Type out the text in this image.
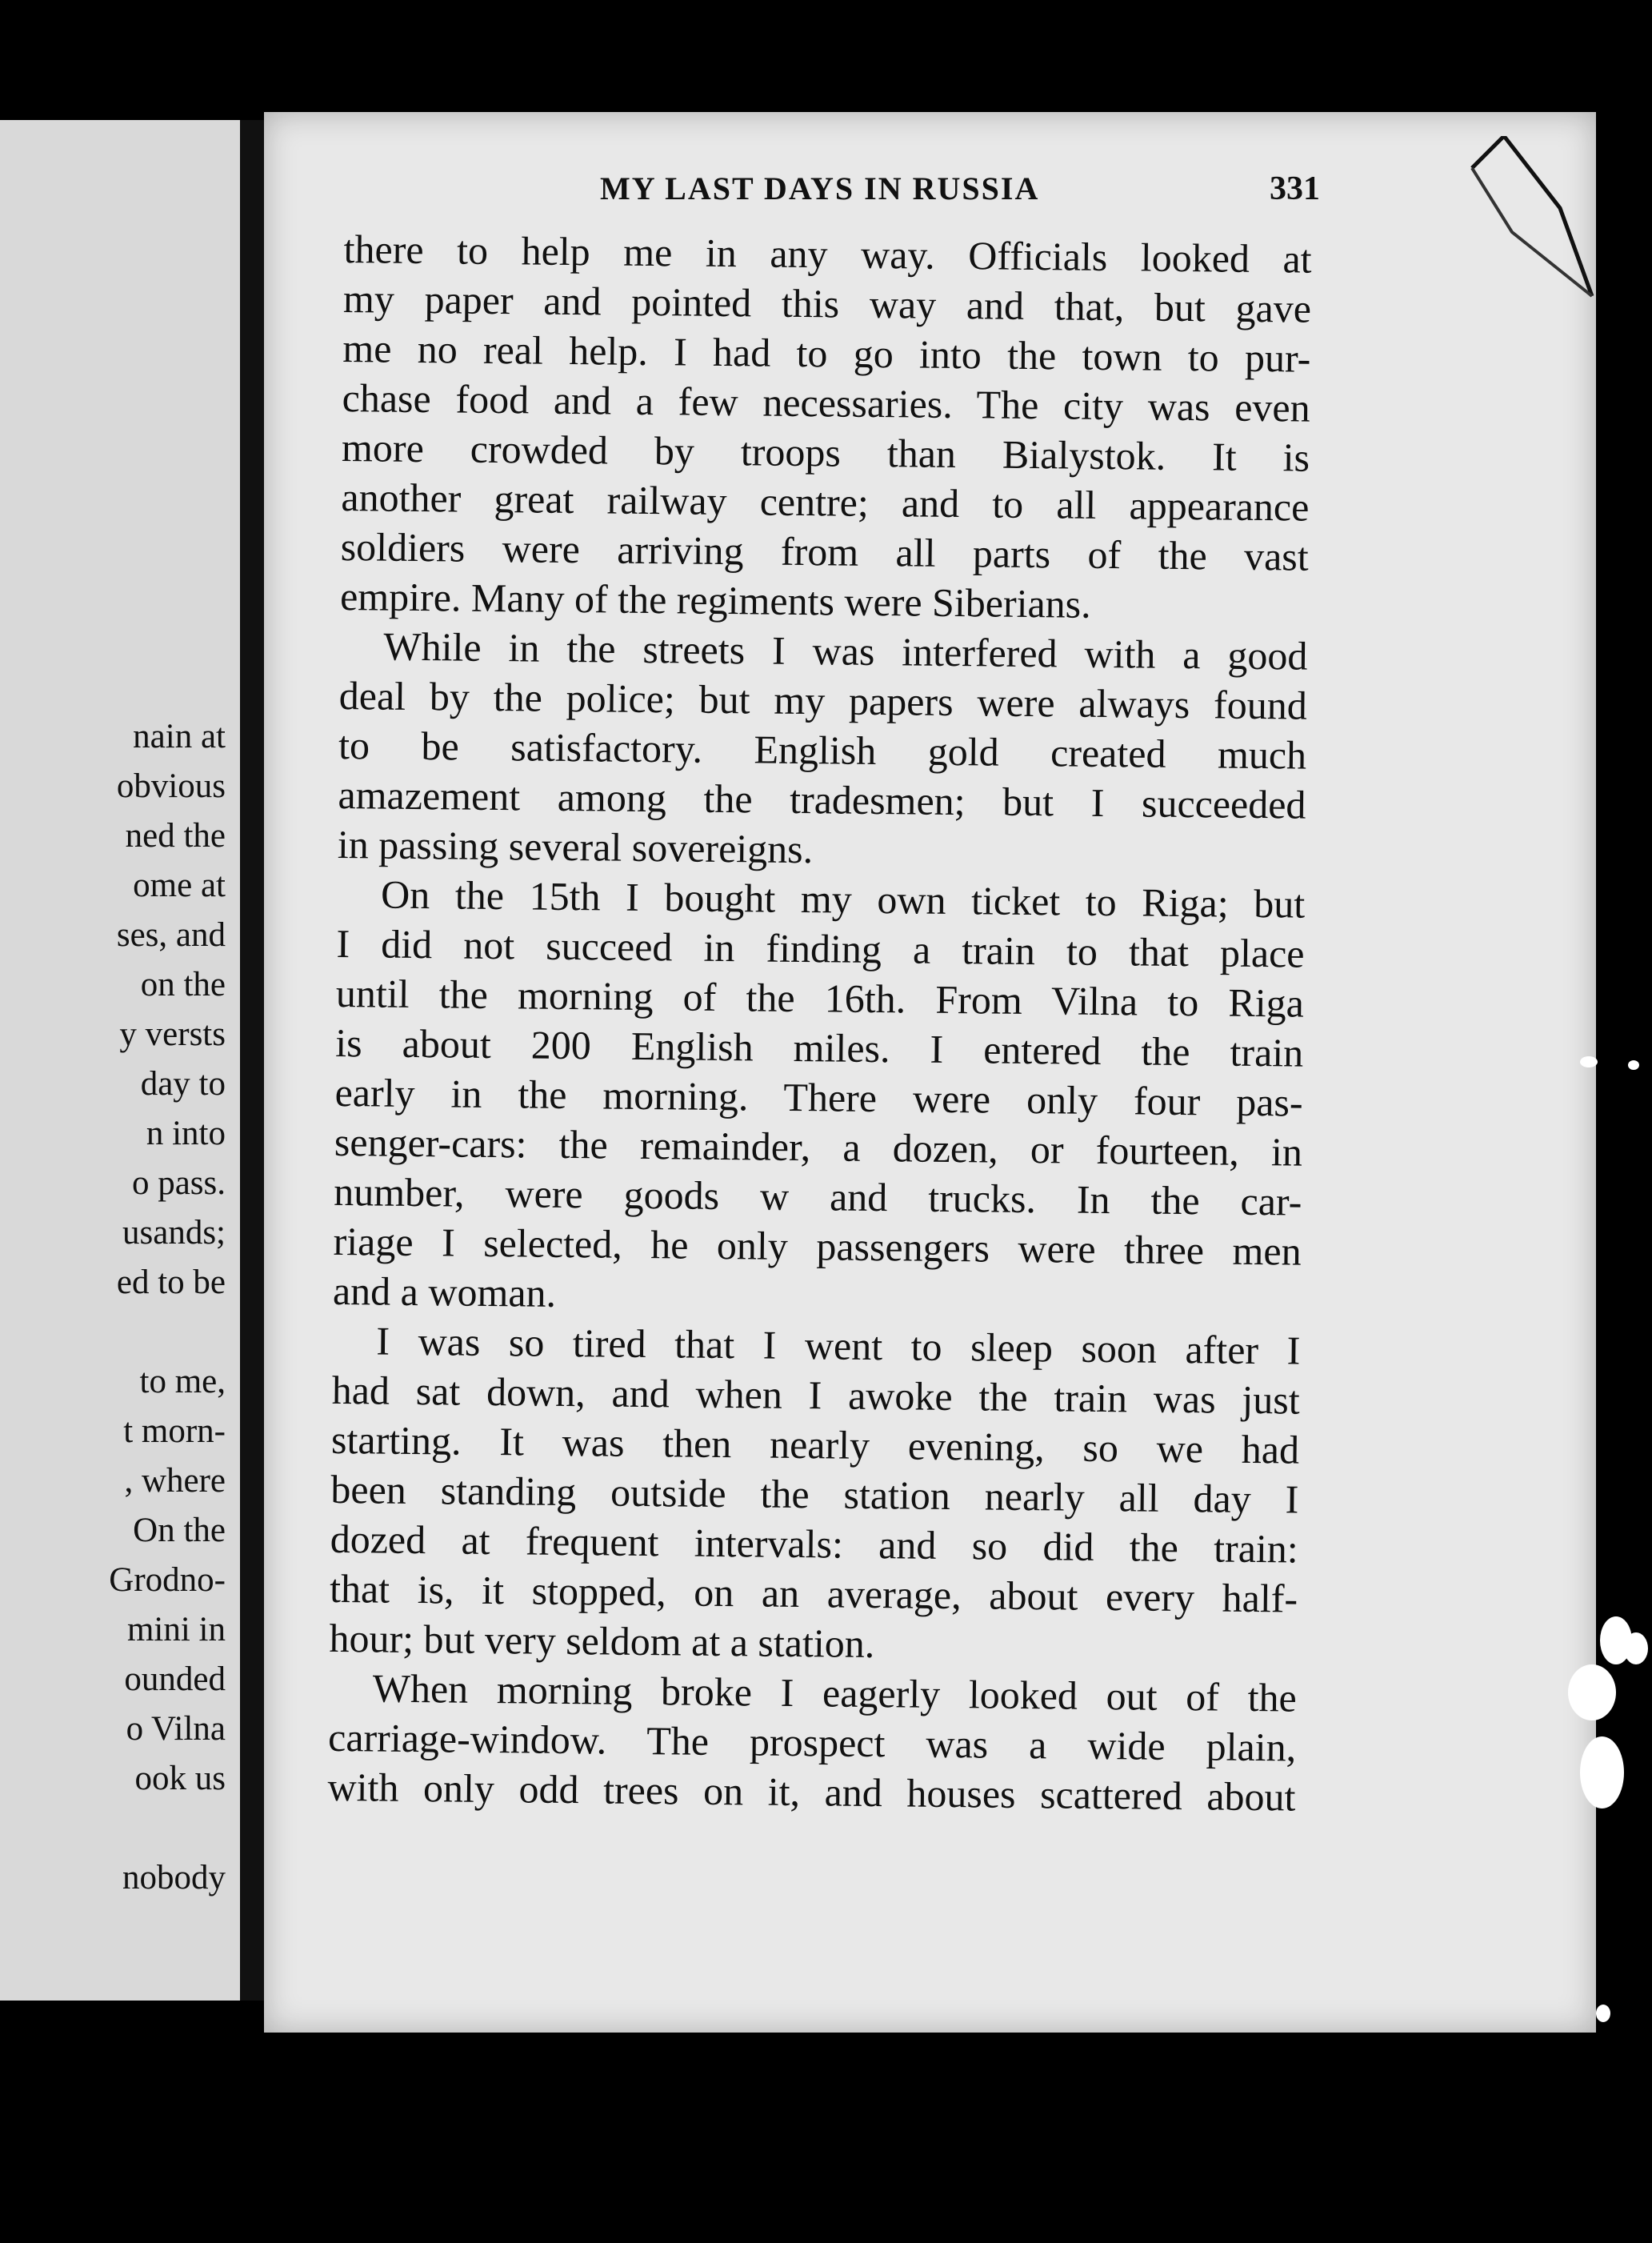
nain at
obvious
ned the
ome at
ses, and
on the
y versts
day to
n into
o pass.
usands;
ed to be
to me,
t morn-
, where
On the
Grodno-
mini in
ounded
o Vilna
ook us
nobody
MY LAST DAYS IN RUSSIA	331
there to help me in any way. Officials looked at
my paper and pointed this way and that, but gave
me no real help. I had to go into the town to pur-
chase food and a few necessaries. The city was even
more crowded by troops than Bialystok. It is
another great railway centre; and to all appearance
soldiers were arriving from all parts of the vast
empire. Many of the regiments were Siberians.
While in the streets I was interfered with a good
deal by the police; but my papers were always found
to be satisfactory. English gold created much
amazement among the tradesmen; but I succeeded
in passing several sovereigns.
On the 15th I bought my own ticket to Riga; but
I did not succeed in finding a train to that place
until the morning of the 16th. From Vilna to Riga
is about 200 English miles. I entered the train
early in the morning. There were only four pas-
senger-cars: the remainder, a dozen, or fourteen, in
number, were goods w and trucks. In the car-
riage I selected, he only passengers were three men
and a woman.
I was so tired that I went to sleep soon after I
had sat down, and when I awoke the train was just
starting. It was then nearly evening, so we had
been standing outside the station nearly all day I
dozed at frequent intervals: and so did the train:
that is, it stopped, on an average, about every half-
hour; but very seldom at a station.
When morning broke I eagerly looked out of the
carriage-window. The prospect was a wide plain,
with only odd trees on it, and houses scattered about
